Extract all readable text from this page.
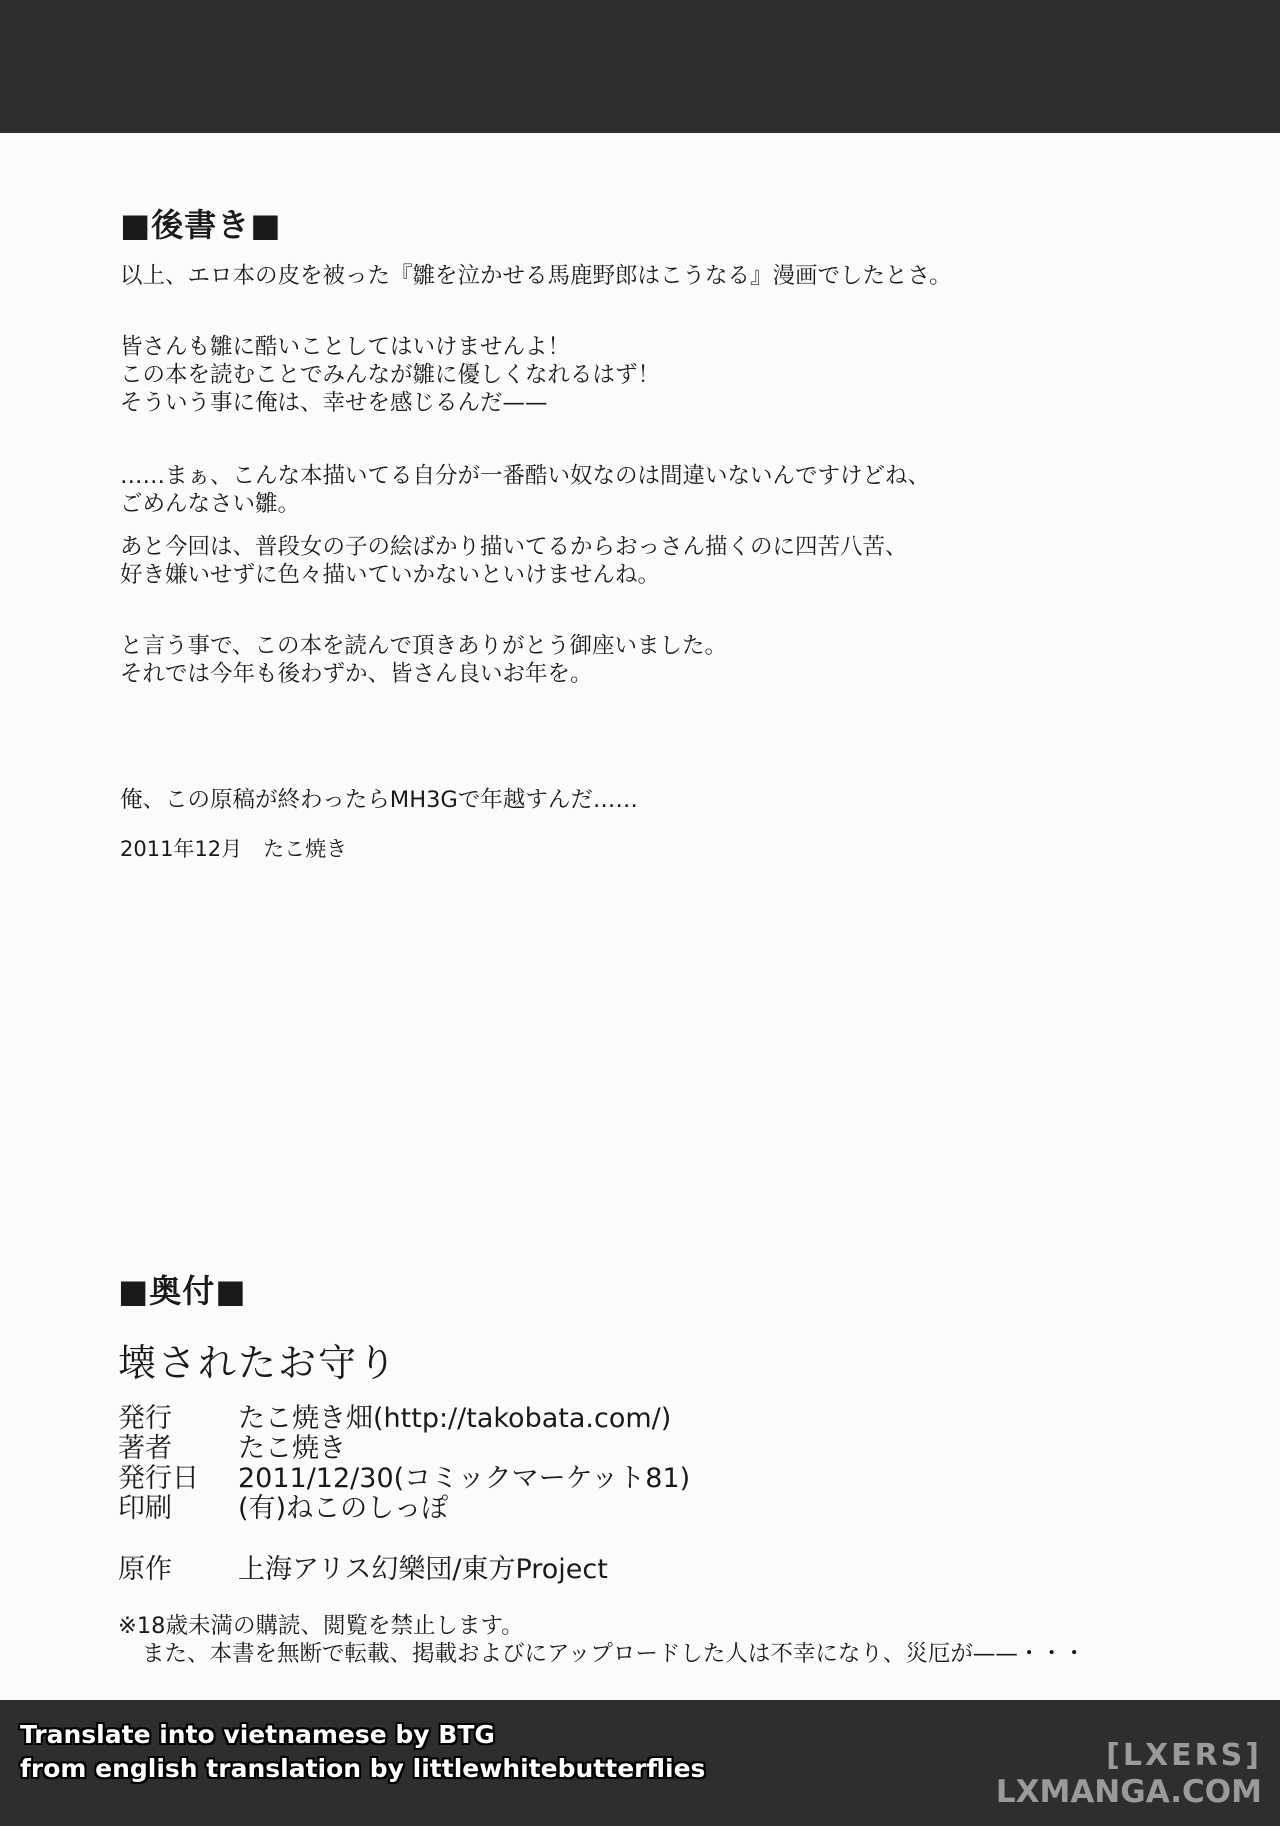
■後書き■

以上、エロ本の皮を被った『雛を泣かせる馬鹿野郎はこうなる』漫画でしたとさ。

皆さんも雛に酷いことしてはいけませんよ！
この本を読むことでみんなが雛に優しくなれるはず！
そういう事に俺は、幸せを感じるんだ——

……まぁ、こんな本描いてる自分が一番酷い奴なのは間違いないんですけどね、
ごめんなさい雛。

あと今回は、普段女の子の絵ばかり描いてるからおっさん描くのに四苦八苦、
好き嫌いせずに色々描いていかないといけませんね。

と言う事で、この本を読んで頂きありがとう御座いました。
それでは今年も後わずか、皆さん良いお年を。

俺、この原稿が終わったらMH3Gで年越すんだ……

2011年12月　たこ焼き

■奥付■
壊されたお守り
発行 たこ焼き畑(http://takobata.com/)
著者 たこ焼き
発行日 2011/12/30(コミックマーケット81)
印刷 (有)ねこのしっぽ
原作 上海アリス幻樂団/東方Project
※18歳未満の購読、閲覧を禁止します。
また、本書を無断で転載、掲載およびにアップロードした人は不幸になり、災厄が——・・・
Translate into vietnamese by BTG
from english translation by littlewhitebutterflies	[LXERS]
LXMANGA.COM
